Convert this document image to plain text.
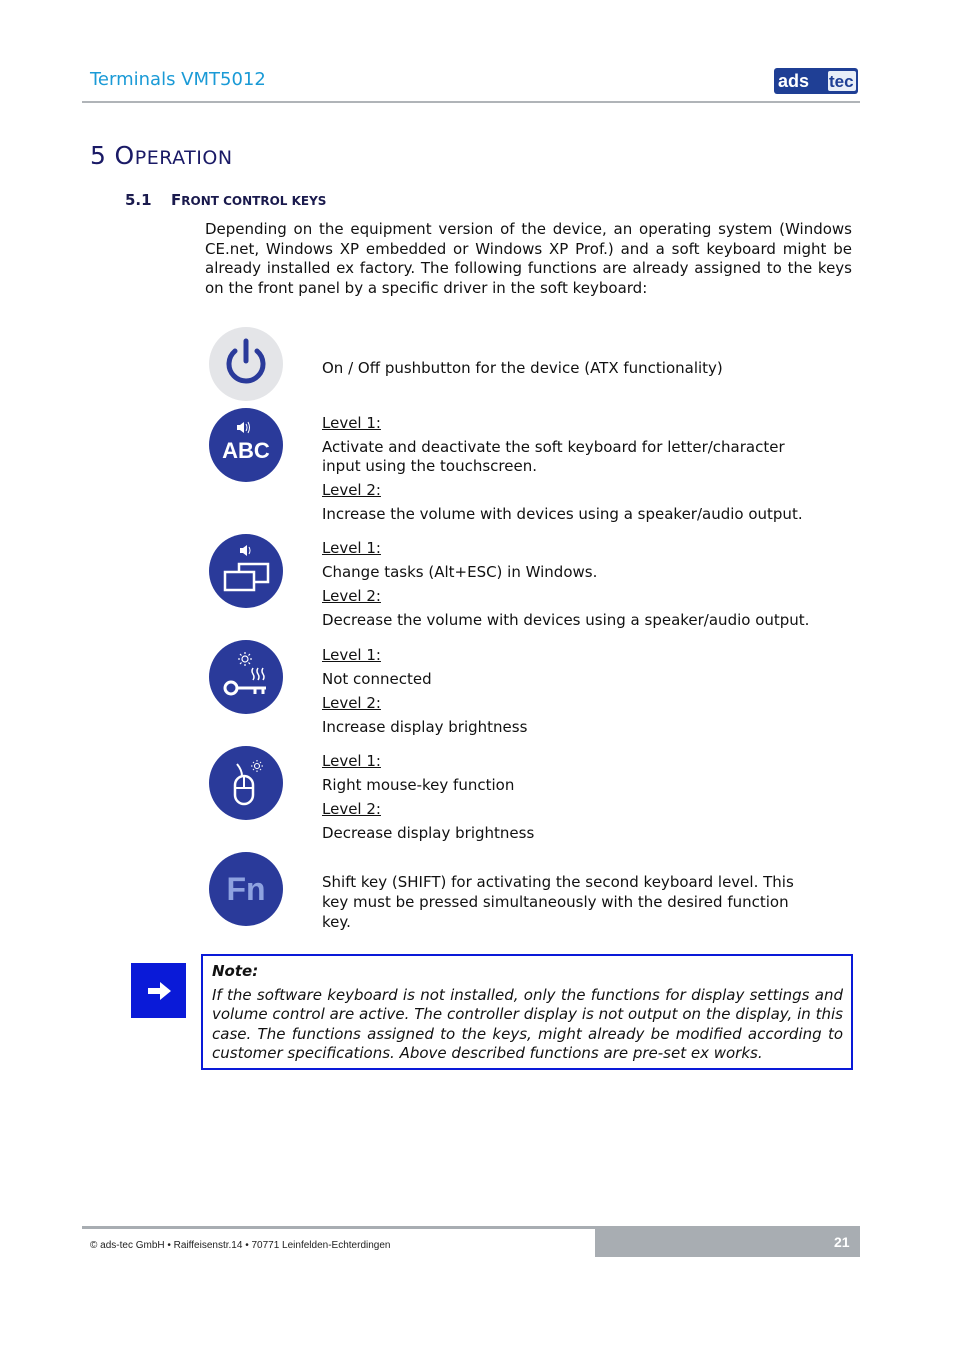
Terminals VMT5012	ads tec
5 OPERATION
5.1 FRONT CONTROL KEYS
Depending on the equipment version of the device, an operating system (Windows CE.net, Windows XP embedded or Windows XP Prof.) and a soft keyboard might be already installed ex factory. The following functions are already assigned to the keys on the front panel by a specific driver in the soft keyboard:
On / Off pushbutton for the device (ATX functionality)
ABC
Level 1:
Activate and deactivate the soft keyboard for letter/character input using the touchscreen.
Level 2:
Increase the volume with devices using a speaker/audio output.
Level 1:
Change tasks (Alt+ESC) in Windows.
Level 2:
Decrease the volume with devices using a speaker/audio output.
Level 1:
Not connected
Level 2:
Increase display brightness
Level 1:
Right mouse-key function
Level 2:
Decrease display brightness
Fn	Shift key (SHIFT) for activating the second keyboard level. This key must be pressed simultaneously with the desired function key.
Note:
If the software keyboard is not installed, only the functions for display settings and volume control are active. The controller display is not output on the display, in this case. The functions assigned to the keys, might already be modified according to customer specifications. Above described functions are pre-set ex works.
© ads-tec GmbH • Raiffeisenstr.14 • 70771 Leinfelden-Echterdingen	21
